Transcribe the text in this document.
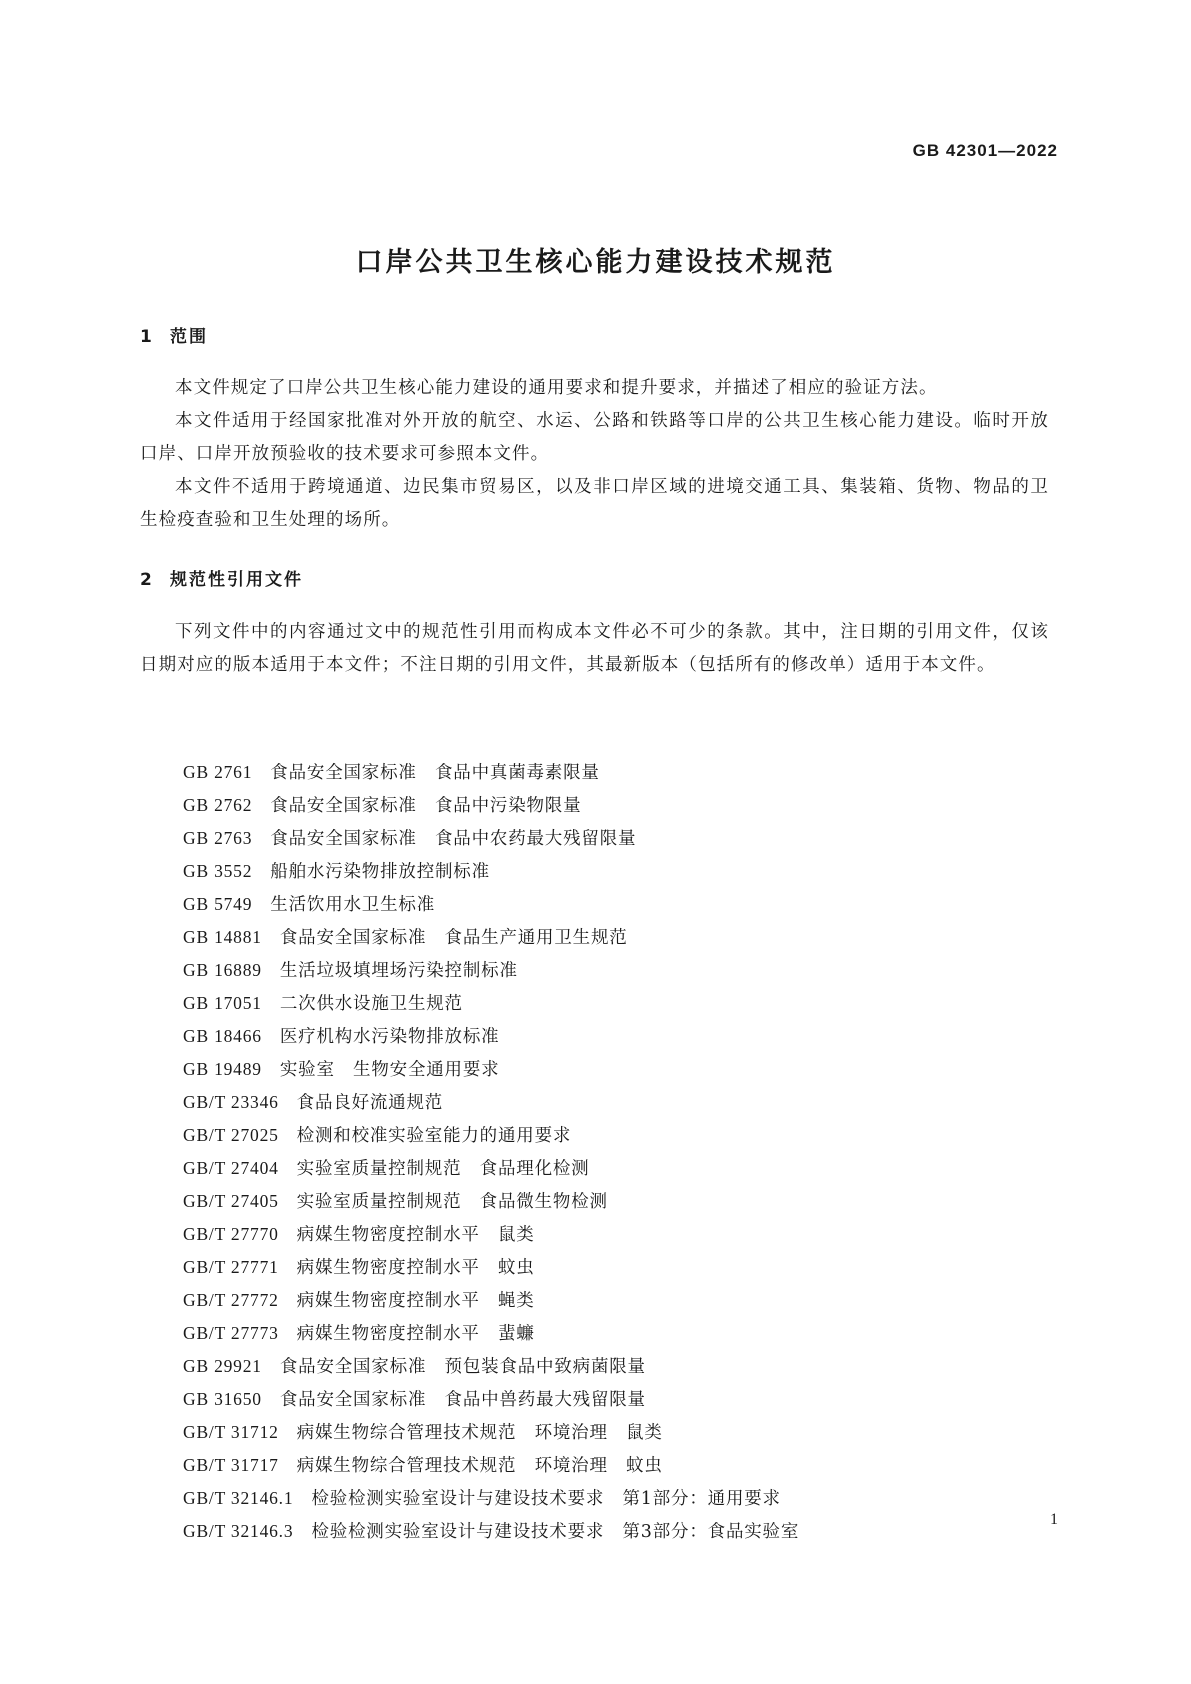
GB 42301—2022
口岸公共卫生核心能力建设技术规范
1 范围

本文件规定了口岸公共卫生核心能力建设的通用要求和提升要求，并描述了相应的验证方法。

本文件适用于经国家批准对外开放的航空、水运、公路和铁路等口岸的公共卫生核心能力建设。临时开放口岸、口岸开放预验收的技术要求可参照本文件。

本文件不适用于跨境通道、边民集市贸易区，以及非口岸区域的进境交通工具、集装箱、货物、物品的卫生检疫查验和卫生处理的场所。

2 规范性引用文件

下列文件中的内容通过文中的规范性引用而构成本文件必不可少的条款。其中，注日期的引用文件，仅该日期对应的版本适用于本文件；不注日期的引用文件，其最新版本（包括所有的修改单）适用于本文件。

GB 2761 食品安全国家标准　食品中真菌毒素限量
GB 2762 食品安全国家标准　食品中污染物限量
GB 2763 食品安全国家标准　食品中农药最大残留限量
GB 3552 船舶水污染物排放控制标准
GB 5749 生活饮用水卫生标准
GB 14881 食品安全国家标准　食品生产通用卫生规范
GB 16889 生活垃圾填埋场污染控制标准
GB 17051 二次供水设施卫生规范
GB 18466 医疗机构水污染物排放标准
GB 19489 实验室　生物安全通用要求
GB/T 23346 食品良好流通规范
GB/T 27025 检测和校准实验室能力的通用要求
GB/T 27404 实验室质量控制规范　食品理化检测
GB/T 27405 实验室质量控制规范　食品微生物检测
GB/T 27770 病媒生物密度控制水平　鼠类
GB/T 27771 病媒生物密度控制水平　蚊虫
GB/T 27772 病媒生物密度控制水平　蝇类
GB/T 27773 病媒生物密度控制水平　蜚蠊
GB 29921 食品安全国家标准　预包装食品中致病菌限量
GB 31650 食品安全国家标准　食品中兽药最大残留限量
GB/T 31712 病媒生物综合管理技术规范　环境治理　鼠类
GB/T 31717 病媒生物综合管理技术规范　环境治理　蚊虫
GB/T 32146.1 检验检测实验室设计与建设技术要求　第1部分：通用要求
GB/T 32146.3 检验检测实验室设计与建设技术要求　第3部分：食品实验室
1
